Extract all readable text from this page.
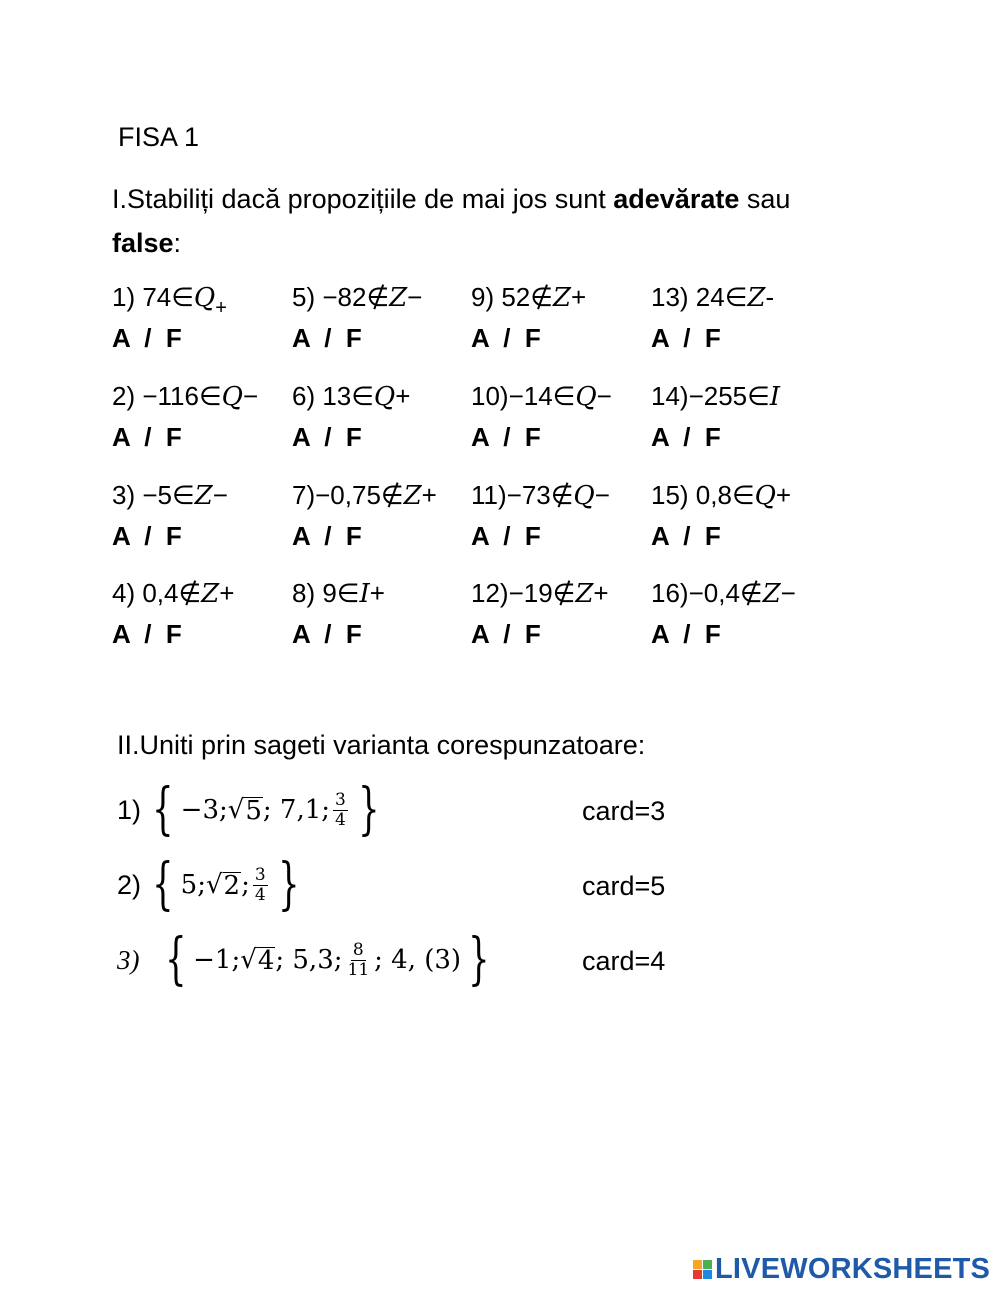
FISA 1
I.Stabiliți dacă propozițiile de mai jos sunt adevărate sau false:
1) $74\in Q_+$
A  /  F
5) −82∉Z−
A  /  F
9) 52∉Z+
A  /  F
13) 24∈Z-
A  /  F
2) −116∈Q−
A  /  F
6) 13∈Q+
A  /  F
10)−14∈Q−
A  /  F
14)−255∈I
A  /  F
3) −5∈Z−
A  /  F
7)−0,75∉Z+
A  /  F
11)−73∉Q−
A  /  F
15) 0,8∈Q+
A  /  F
4) 0,4∉Z+
A  /  F
8) 9∈I+
A  /  F
12)−19∉Z+
A  /  F
16)−0,4∉Z−
A  /  F
II.Uniti prin sageti varianta corespunzatoare:
1) { −3; √ 5 ; 7,1; $\frac{3}{4}$ }
2) { 5; √ 2 ; $\frac{3}{4}$ }
3) { −1; √ 4 ; 5,3; $\frac{8}{11}$ ; 4, (3) }
card=3
card=5
card=4
LIVEWORKSHEETS
